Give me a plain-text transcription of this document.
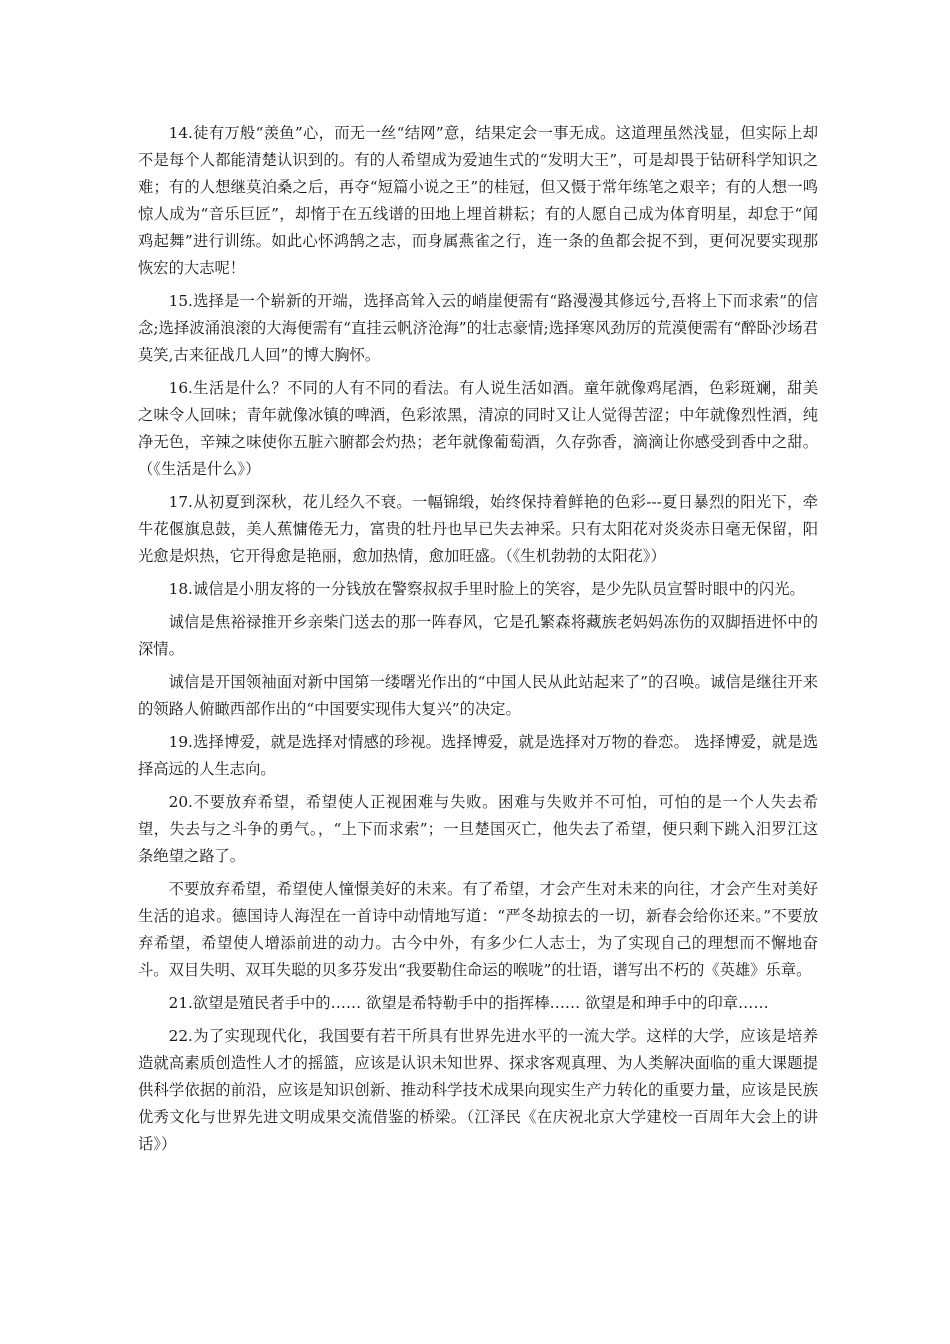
14.徒有万般“羡鱼”心，而无一丝“结网”意，结果定会一事无成。这道理虽然浅显，但实际上却不是每个人都能清楚认识到的。有的人希望成为爱迪生式的“发明大王”，可是却畏于钻研科学知识之难；有的人想继莫泊桑之后，再夺“短篇小说之王”的桂冠，但又慑于常年练笔之艰辛；有的人想一鸣惊人成为“音乐巨匠”，却惰于在五线谱的田地上埋首耕耘；有的人愿自己成为体育明星，却怠于“闻鸡起舞”进行训练。如此心怀鸿鹄之志，而身属燕雀之行，连一条的鱼都会捉不到，更何况要实现那恢宏的大志呢！

15.选择是一个崭新的开端，选择高耸入云的峭崖便需有“路漫漫其修远兮,吾将上下而求索”的信念;选择波涌浪滚的大海便需有“直挂云帆济沧海”的壮志豪情;选择寒风劲厉的荒漠便需有“醉卧沙场君莫笑,古来征战几人回”的博大胸怀。

16.生活是什么？不同的人有不同的看法。有人说生活如酒。童年就像鸡尾酒，色彩斑斓，甜美之味令人回味；青年就像冰镇的啤酒，色彩浓黑，清凉的同时又让人觉得苦涩；中年就像烈性酒，纯净无色，辛辣之味使你五脏六腑都会灼热；老年就像葡萄酒，久存弥香，滴滴让你感受到香中之甜。（《生活是什么》）

17.从初夏到深秋，花儿经久不衰。一幅锦缎，始终保持着鲜艳的色彩---夏日暴烈的阳光下，牵牛花偃旗息鼓，美人蕉慵倦无力，富贵的牡丹也早已失去神采。只有太阳花对炎炎赤日毫无保留，阳光愈是炽热，它开得愈是艳丽，愈加热情，愈加旺盛。（《生机勃勃的太阳花》）

18.诚信是小朋友将的一分钱放在警察叔叔手里时脸上的笑容，是少先队员宣誓时眼中的闪光。

诚信是焦裕禄推开乡亲柴门送去的那一阵春风，它是孔繁森将藏族老妈妈冻伤的双脚捂进怀中的深情。

诚信是开国领袖面对新中国第一缕曙光作出的“中国人民从此站起来了”的召唤。诚信是继往开来的领路人俯瞰西部作出的“中国要实现伟大复兴”的决定。

19.选择博爱，就是选择对情感的珍视。选择博爱，就是选择对万物的眷恋。 选择博爱，就是选择高远的人生志向。

20.不要放弃希望，希望使人正视困难与失败。困难与失败并不可怕，可怕的是一个人失去希望，失去与之斗争的勇气。，“上下而求索”；一旦楚国灭亡，他失去了希望，便只剩下跳入汨罗江这条绝望之路了。

不要放弃希望，希望使人憧憬美好的未来。有了希望，才会产生对未来的向往，才会产生对美好生活的追求。德国诗人海涅在一首诗中动情地写道：“严冬劫掠去的一切，新春会给你还来。”不要放弃希望，希望使人增添前进的动力。古今中外，有多少仁人志士，为了实现自己的理想而不懈地奋斗。双目失明、双耳失聪的贝多芬发出“我要勒住命运的喉咙”的壮语，谱写出不朽的《英雄》乐章。

21.欲望是殖民者手中的…… 欲望是希特勒手中的指挥棒…… 欲望是和珅手中的印章……

22.为了实现现代化，我国要有若干所具有世界先进水平的一流大学。这样的大学，应该是培养造就高素质创造性人才的摇篮，应该是认识未知世界、探求客观真理、为人类解决面临的重大课题提供科学依据的前沿，应该是知识创新、推动科学技术成果向现实生产力转化的重要力量，应该是民族优秀文化与世界先进文明成果交流借鉴的桥梁。（江泽民《在庆祝北京大学建校一百周年大会上的讲话》）
